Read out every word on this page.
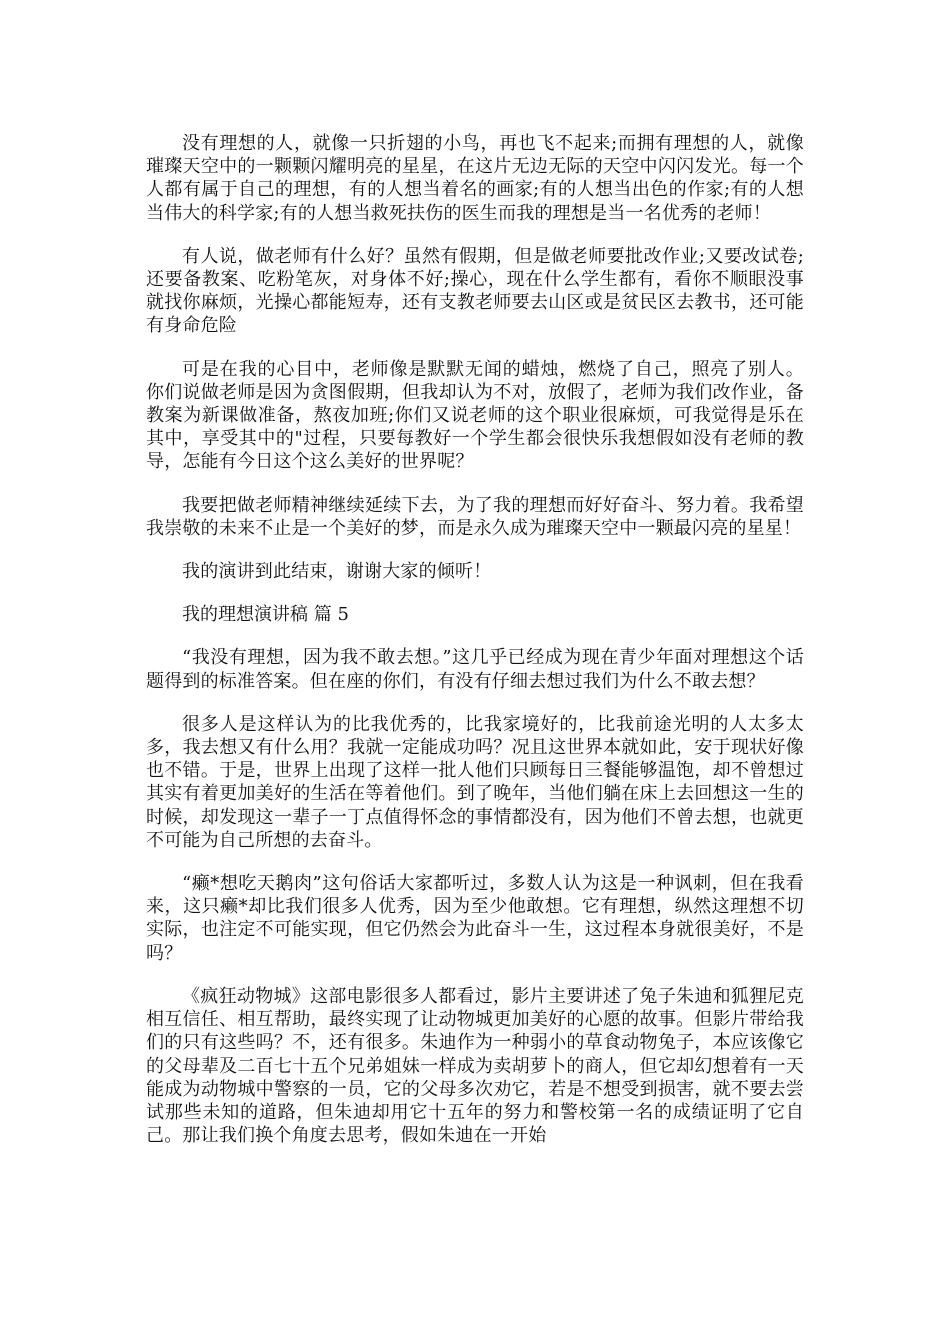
没有理想的人，就像一只折翅的小鸟，再也飞不起来;而拥有理想的人，就像璀璨天空中的一颗颗闪耀明亮的星星，在这片无边无际的天空中闪闪发光。每一个人都有属于自己的理想，有的人想当着名的画家;有的人想当出色的作家;有的人想当伟大的科学家;有的人想当救死扶伤的医生而我的理想是当一名优秀的老师！

有人说，做老师有什么好？虽然有假期，但是做老师要批改作业;又要改试卷;还要备教案、吃粉笔灰，对身体不好;操心，现在什么学生都有，看你不顺眼没事就找你麻烦，光操心都能短寿，还有支教老师要去山区或是贫民区去教书，还可能有身命危险

可是在我的心目中，老师像是默默无闻的蜡烛，燃烧了自己，照亮了别人。 你们说做老师是因为贪图假期，但我却认为不对，放假了，老师为我们改作业，备教案为新课做准备，熬夜加班;你们又说老师的这个职业很麻烦，可我觉得是乐在其中，享受其中的"过程，只要每教好一个学生都会很快乐我想假如没有老师的教导，怎能有今日这个这么美好的世界呢？

我要把做老师精神继续延续下去，为了我的理想而好好奋斗、努力着。我希望我崇敬的未来不止是一个美好的梦，而是永久成为璀璨天空中一颗最闪亮的星星！

我的演讲到此结束，谢谢大家的倾听！

我的理想演讲稿 篇 5

“我没有理想，因为我不敢去想。”这几乎已经成为现在青少年面对理想这个话题得到的标准答案。但在座的你们，有没有仔细去想过我们为什么不敢去想？

很多人是这样认为的比我优秀的，比我家境好的，比我前途光明的人太多太多，我去想又有什么用？我就一定能成功吗？况且这世界本就如此，安于现状好像也不错。于是，世界上出现了这样一批人他们只顾每日三餐能够温饱，却不曾想过其实有着更加美好的生活在等着他们。到了晚年，当他们躺在床上去回想这一生的时候，却发现这一辈子一丁点值得怀念的事情都没有，因为他们不曾去想，也就更不可能为自己所想的去奋斗。

“癞*想吃天鹅肉”这句俗话大家都听过，多数人认为这是一种讽刺，但在我看来，这只癞*却比我们很多人优秀，因为至少他敢想。它有理想，纵然这理想不切实际，也注定不可能实现，但它仍然会为此奋斗一生，这过程本身就很美好，不是吗？

《疯狂动物城》这部电影很多人都看过，影片主要讲述了兔子朱迪和狐狸尼克相互信任、相互帮助，最终实现了让动物城更加美好的心愿的故事。但影片带给我们的只有这些吗？不，还有很多。朱迪作为一种弱小的草食动物兔子，本应该像它的父母辈及二百七十五个兄弟姐妹一样成为卖胡萝卜的商人，但它却幻想着有一天能成为动物城中警察的一员，它的父母多次劝它，若是不想受到损害，就不要去尝试那些未知的道路，但朱迪却用它十五年的努力和警校第一名的成绩证明了它自己。那让我们换个角度去思考，假如朱迪在一开始
